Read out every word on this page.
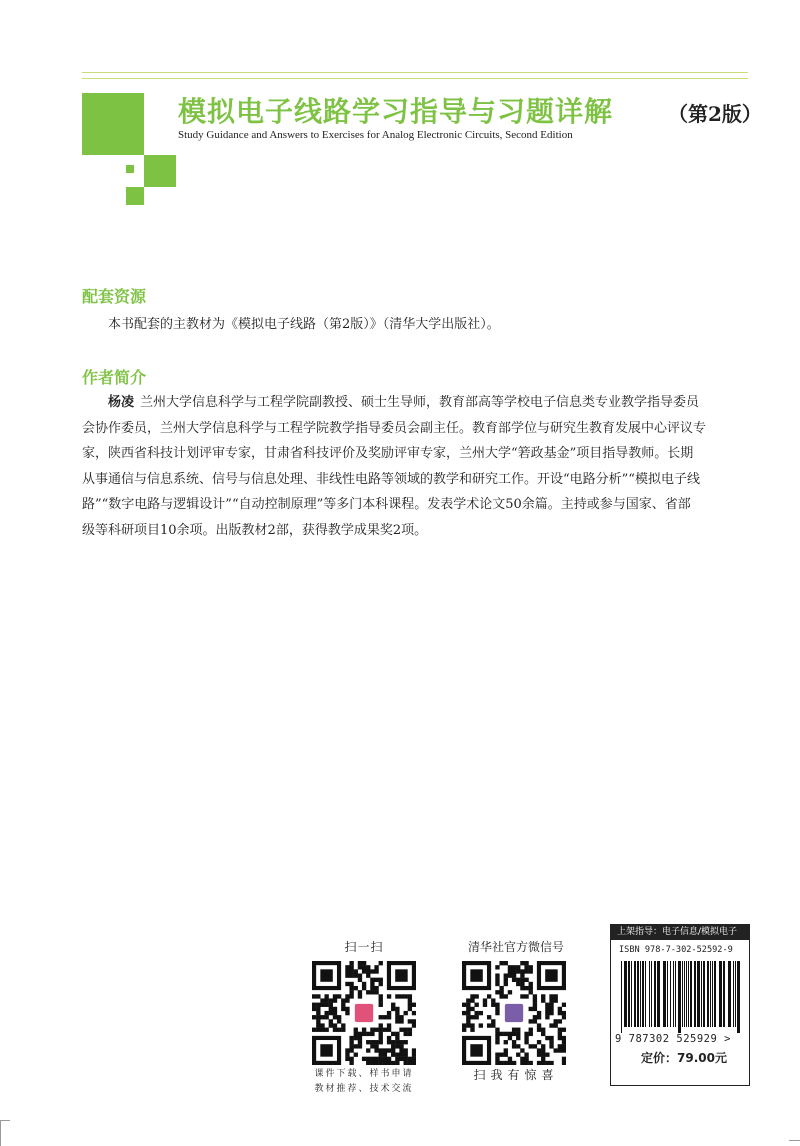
模拟电子线路学习指导与习题详解	（第2版）
Study Guidance and Answers to Exercises for Analog Electronic Circuits, Second Edition
配套资源
本书配套的主教材为《模拟电子线路（第2版）》（清华大学出版社）。
作者简介
杨凌 兰州大学信息科学与工程学院副教授、硕士生导师，教育部高等学校电子信息类专业教学指导委员
会协作委员，兰州大学信息科学与工程学院教学指导委员会副主任。教育部学位与研究生教育发展中心评议专
家，陕西省科技计划评审专家，甘肃省科技评价及奖励评审专家，兰州大学“箬政基金”项目指导教师。长期
从事通信与信息系统、信号与信息处理、非线性电路等领域的教学和研究工作。开设“电路分析”“模拟电子线
路”“数字电路与逻辑设计”“自动控制原理”等多门本科课程。发表学术论文50余篇。主持或参与国家、省部
级等科研项目10余项。出版教材2部，获得教学成果奖2项。
扫一扫
课件下载、样书申请
教材推荐、技术交流
清华社官方微信号
扫我有惊喜
上架指导：电子信息/模拟电子
ISBN 978-7-302-52592-9
9 787302 525929 >
定价：79.00元
